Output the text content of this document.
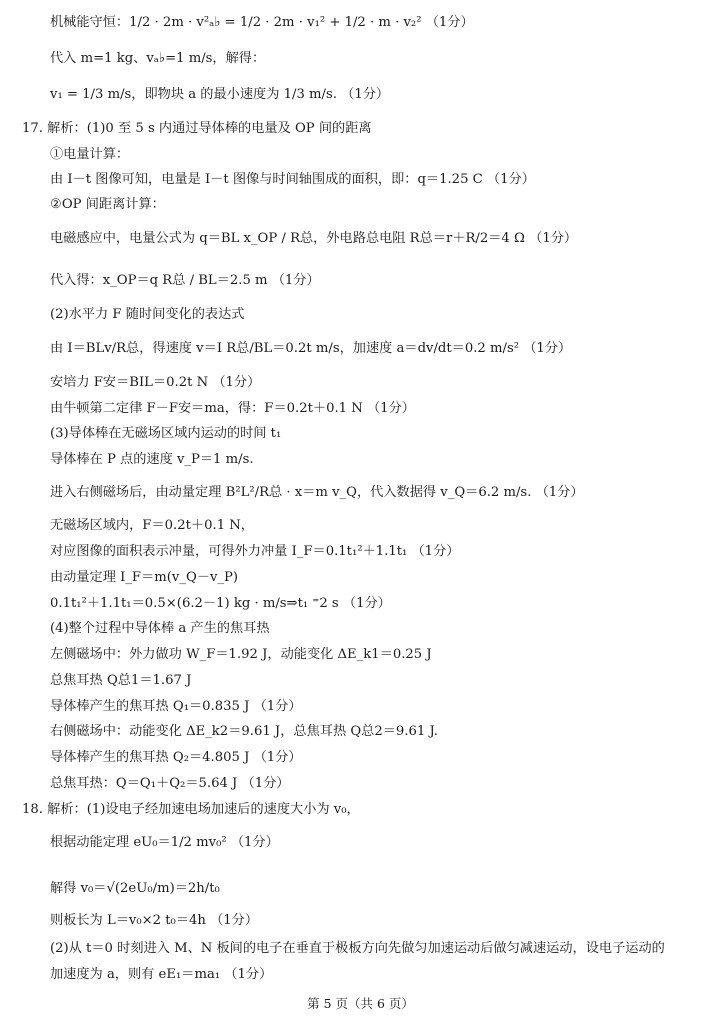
机械能守恒：1/2 · 2m · v²ₐ♭ = 1/2 · 2m · v₁² + 1/2 · m · v₂² （1分）
代入 m=1 kg、vₐ♭=1 m/s，解得：
v₁ = 1/3 m/s，即物块 a 的最小速度为 1/3 m/s. （1分）
17. 解析：(1)0 至 5 s 内通过导体棒的电量及 OP 间的距离
①电量计算：
由 I－t 图像可知，电量是 I－t 图像与时间轴围成的面积，即：q＝1.25 C （1分）
②OP 间距离计算：
电磁感应中，电量公式为 q＝BL x_OP / R总，外电路总电阻 R总＝r＋R/2＝4 Ω （1分）
代入得：x_OP＝q R总 / BL＝2.5 m （1分）
(2)水平力 F 随时间变化的表达式
由 I＝BLv/R总，得速度 v＝I R总/BL＝0.2t m/s，加速度 a＝dv/dt＝0.2 m/s² （1分）
安培力 F安＝BIL＝0.2t N （1分）
由牛顿第二定律 F－F安＝ma，得：F＝0.2t＋0.1 N （1分）
(3)导体棒在无磁场区域内运动的时间 t₁
导体棒在 P 点的速度 v_P＝1 m/s.
进入右侧磁场后，由动量定理 B²L²/R总 · x＝m v_Q，代入数据得 v_Q＝6.2 m/s. （1分）
无磁场区域内，F＝0.2t＋0.1 N，
对应图像的面积表示冲量，可得外力冲量 I_F＝0.1t₁²＋1.1t₁ （1分）
由动量定理 I_F＝m(v_Q－v_P)
0.1t₁²＋1.1t₁＝0.5×(6.2－1) kg · m/s⇒t₁ ⁼2 s （1分）
(4)整个过程中导体棒 a 产生的焦耳热
左侧磁场中：外力做功 W_F＝1.92 J，动能变化 ΔE_k1＝0.25 J
总焦耳热 Q总1＝1.67 J
导体棒产生的焦耳热 Q₁＝0.835 J （1分）
右侧磁场中：动能变化 ΔE_k2＝9.61 J，总焦耳热 Q总2＝9.61 J.
导体棒产生的焦耳热 Q₂＝4.805 J （1分）
总焦耳热：Q＝Q₁＋Q₂＝5.64 J （1分）
18. 解析：(1)设电子经加速电场加速后的速度大小为 v₀，
根据动能定理 eU₀＝1/2 mv₀² （1分）
解得 v₀＝√(2eU₀/m)＝2h/t₀
则板长为 L＝v₀×2 t₀＝4h （1分）
(2)从 t＝0 时刻进入 M、N 板间的电子在垂直于极板方向先做匀加速运动后做匀减速运动，设电子运动的
加速度为 a，则有 eE₁＝ma₁ （1分）
第 5 页（共 6 页）
